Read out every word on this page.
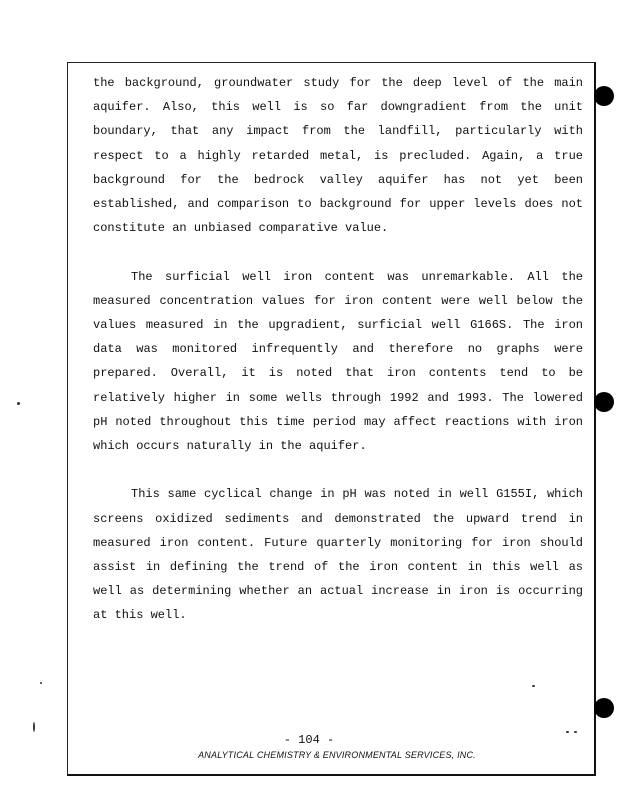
the background, groundwater study for the deep level of the main aquifer. Also, this well is so far downgradient from the unit boundary, that any impact from the landfill, particularly with respect to a highly retarded metal, is precluded. Again, a true background for the bedrock valley aquifer has not yet been established, and comparison to background for upper levels does not constitute an unbiased comparative value.

The surficial well iron content was unremarkable. All the measured concentration values for iron content were well below the values measured in the upgradient, surficial well G166S. The iron data was monitored infrequently and therefore no graphs were prepared. Overall, it is noted that iron contents tend to be relatively higher in some wells through 1992 and 1993. The lowered pH noted throughout this time period may affect reactions with iron which occurs naturally in the aquifer.

This same cyclical change in pH was noted in well G155I, which screens oxidized sediments and demonstrated the upward trend in measured iron content. Future quarterly monitoring for iron should assist in defining the trend of the iron content in this well as well as determining whether an actual increase in iron is occurring at this well.

- 104 -
ANALYTICAL CHEMISTRY & ENVIRONMENTAL SERVICES, INC.
